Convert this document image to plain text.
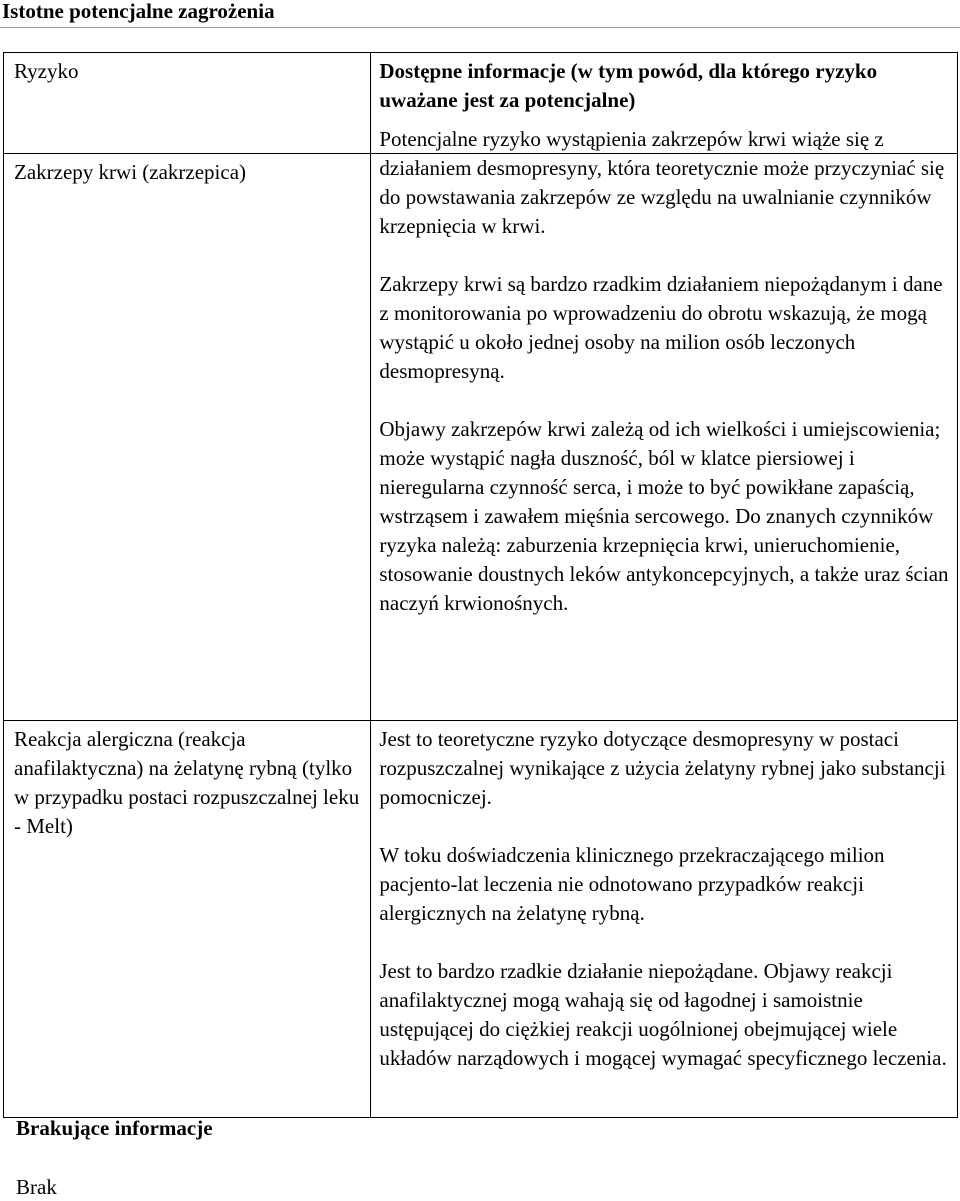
Istotne potencjalne zagrożenia
Ryzyko	Dostępne informacje (w tym powód, dla którego ryzyko uważane jest za potencjalne)

Zakrzepy krwi (zakrzepica)	Potencjalne ryzyko wystąpienia zakrzepów krwi wiąże się z działaniem desmopresyny, która teoretycznie może przyczyniać się do powstawania zakrzepów ze względu na uwalnianie czynników krzepnięcia w krwi.

Zakrzepy krwi są bardzo rzadkim działaniem niepożądanym i dane z monitorowania po wprowadzeniu do obrotu wskazują, że mogą wystąpić u około jednej osoby na milion osób leczonych desmopresyną.

Objawy zakrzepów krwi zależą od ich wielkości i umiejscowienia; może wystąpić nagła duszność, ból w klatce piersiowej i nieregularna czynność serca, i może to być powikłane zapaścią, wstrząsem i zawałem mięśnia sercowego. Do znanych czynników ryzyka należą: zaburzenia krzepnięcia krwi, unieruchomienie, stosowanie doustnych leków antykoncepcyjnych, a także uraz ścian naczyń krwionośnych.

Reakcja alergiczna (reakcja anafilaktyczna) na żelatynę rybną (tylko w przypadku postaci rozpuszczalnej leku - Melt)	Jest to teoretyczne ryzyko dotyczące desmopresyny w postaci rozpuszczalnej wynikające z użycia żelatyny rybnej jako substancji pomocniczej.

W toku doświadczenia klinicznego przekraczającego milion pacjento-lat leczenia nie odnotowano przypadków reakcji alergicznych na żelatynę rybną.

Jest to bardzo rzadkie działanie niepożądane. Objawy reakcji anafilaktycznej mogą wahają się od łagodnej i samoistnie ustępującej do ciężkiej reakcji uogólnionej obejmującej wiele układów narządowych i mogącej wymagać specyficznego leczenia.

Brakujące informacje
Brak
